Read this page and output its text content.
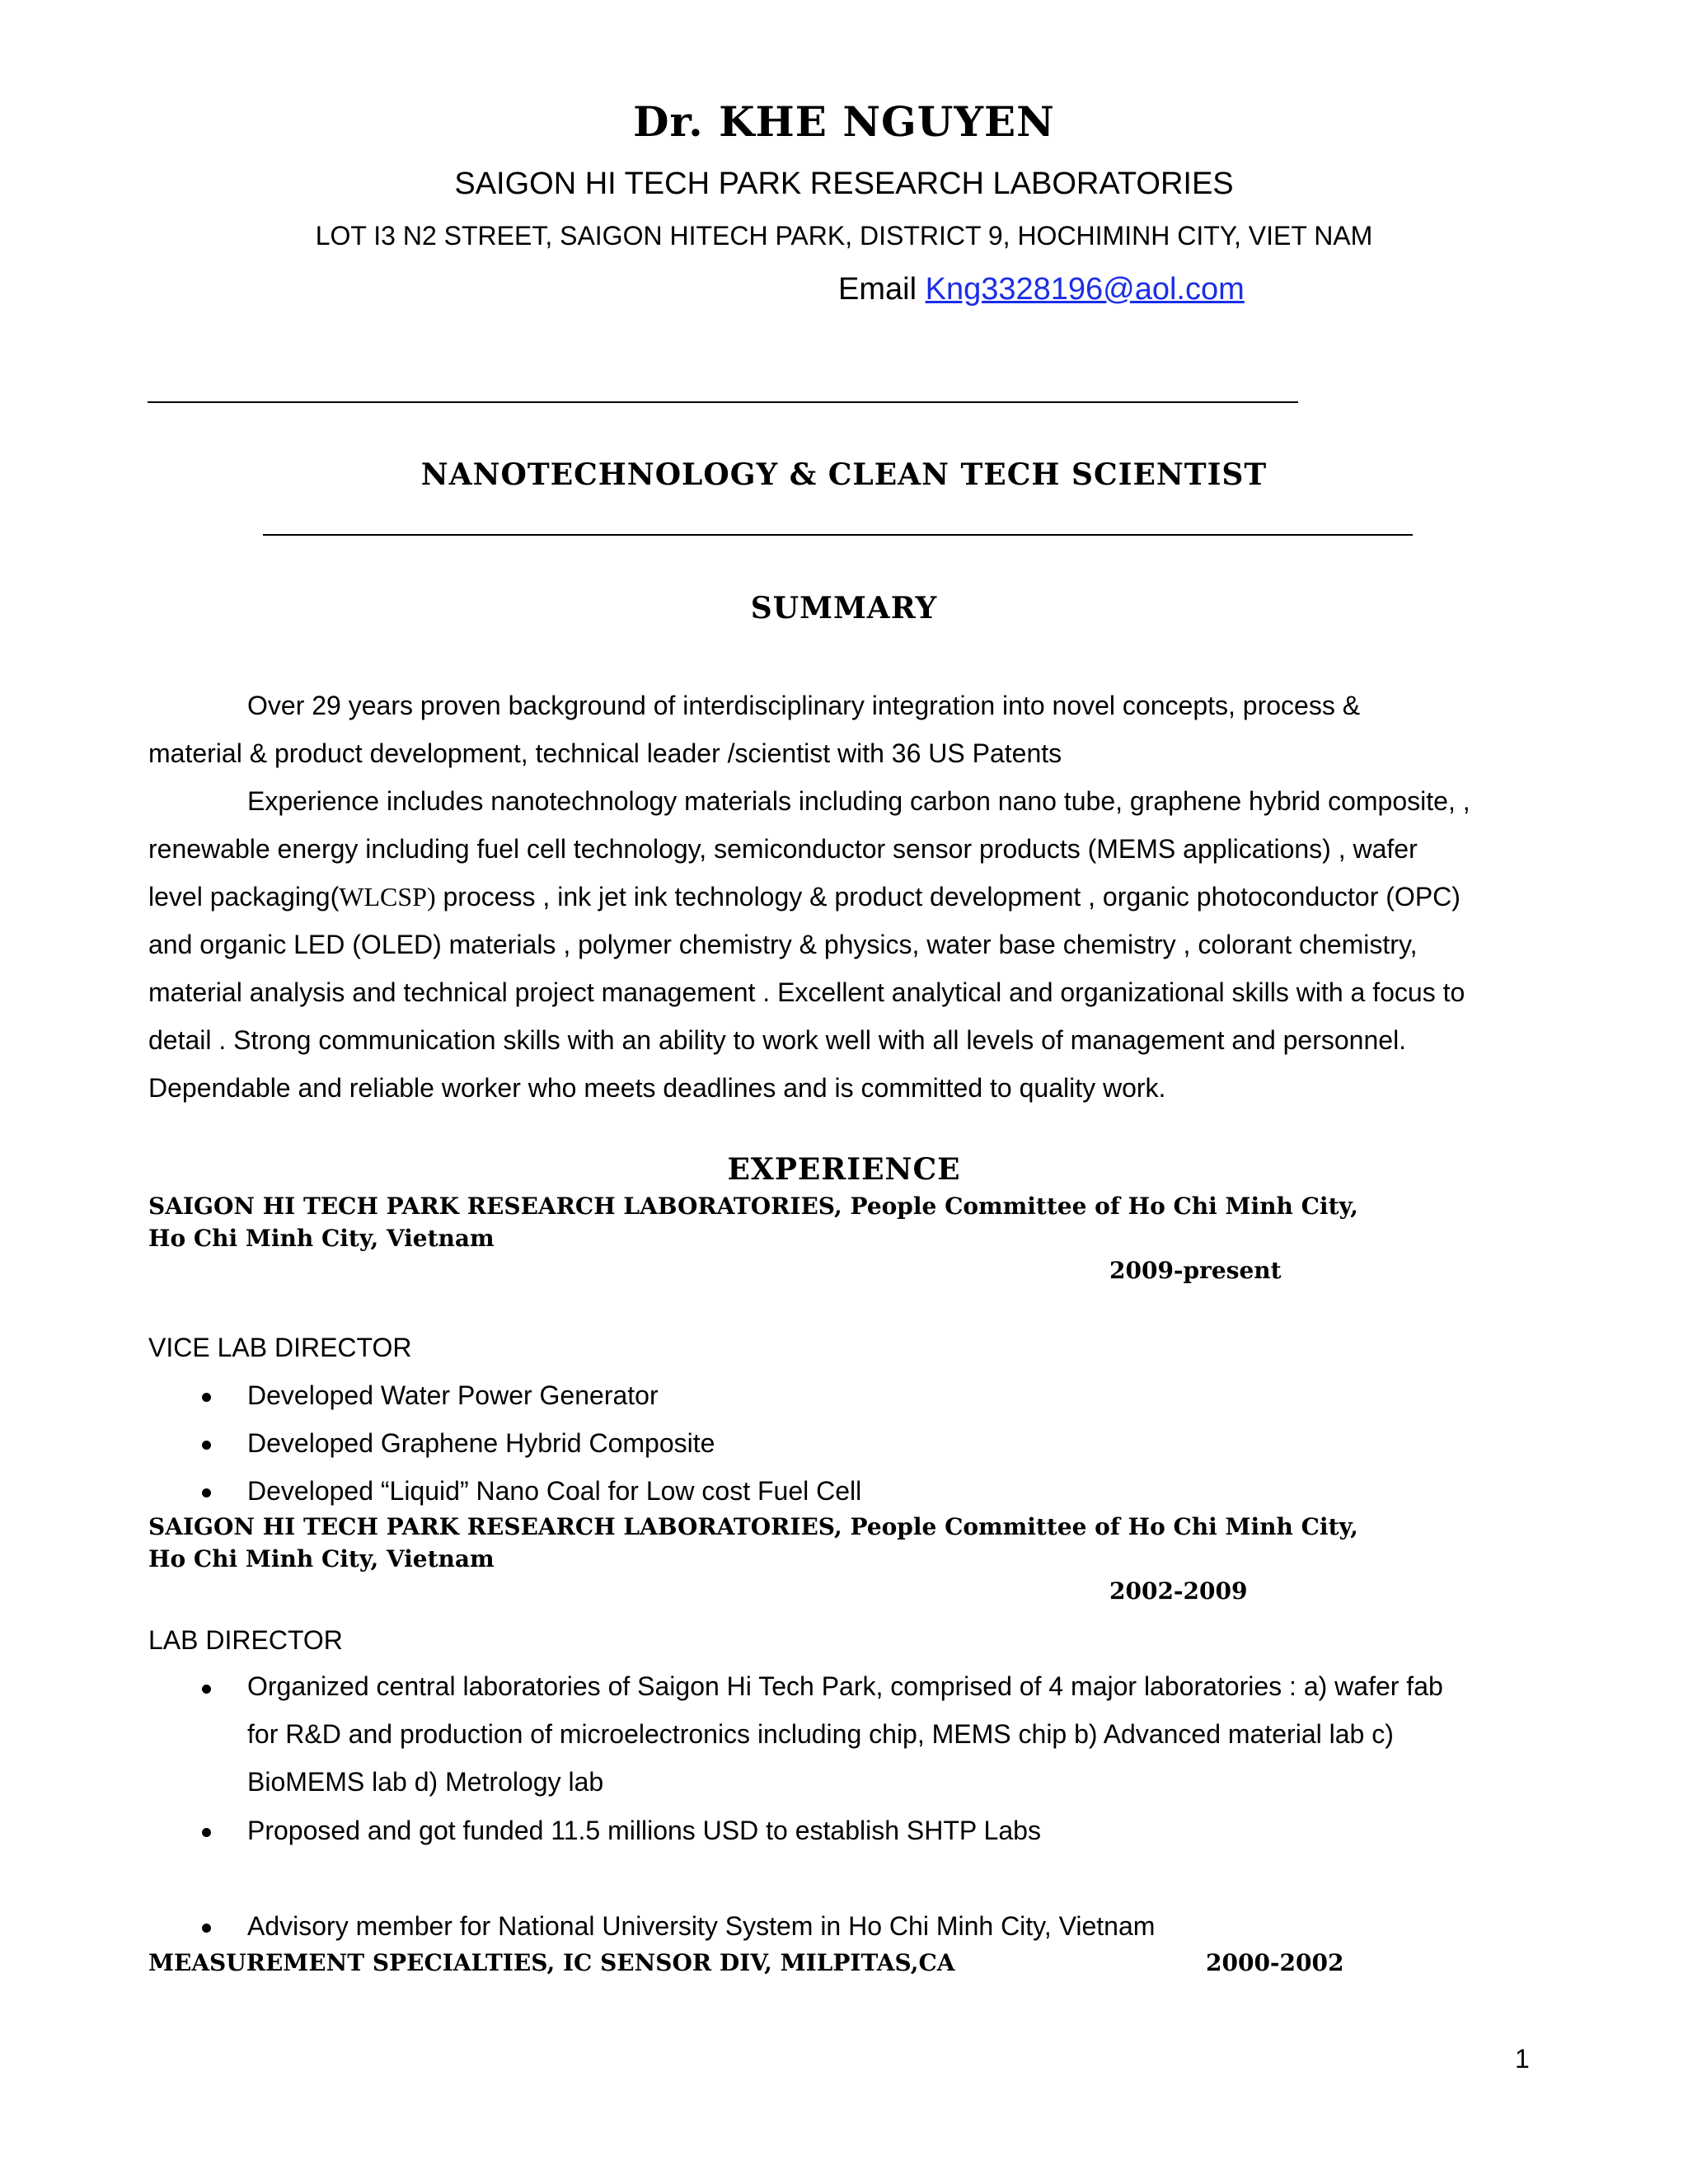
Dr. KHE NGUYEN
SAIGON HI TECH PARK RESEARCH LABORATORIES
LOT I3 N2 STREET, SAIGON HITECH PARK, DISTRICT 9, HOCHIMINH CITY, VIET NAM
Email Kng3328196@aol.com
NANOTECHNOLOGY & CLEAN TECH SCIENTIST
SUMMARY
Over 29 years proven background of interdisciplinary integration into novel concepts, process &
material & product development, technical leader /scientist with 36 US Patents
Experience includes nanotechnology materials including carbon nano tube, graphene hybrid composite, ,
renewable energy including fuel cell technology, semiconductor sensor products (MEMS applications) , wafer
level packaging(WLCSP) process , ink jet ink technology & product development , organic photoconductor (OPC)
and organic LED (OLED) materials , polymer chemistry & physics, water base chemistry , colorant chemistry,
material analysis and technical project management . Excellent analytical and organizational skills with a focus to
detail . Strong communication skills with an ability to work well with all levels of management and personnel.
Dependable and reliable worker who meets deadlines and is committed to quality work.
EXPERIENCE
SAIGON HI TECH PARK RESEARCH LABORATORIES, People Committee of Ho Chi Minh City,
Ho Chi Minh City, Vietnam
2009-present
VICE LAB DIRECTOR
Developed Water Power Generator
Developed Graphene Hybrid Composite
Developed “Liquid” Nano Coal for Low cost Fuel Cell
SAIGON HI TECH PARK RESEARCH LABORATORIES, People Committee of Ho Chi Minh City,
Ho Chi Minh City, Vietnam
2002-2009
LAB DIRECTOR
Organized central laboratories of Saigon Hi Tech Park, comprised of 4 major laboratories : a) wafer fab
for R&D and production of microelectronics including chip, MEMS chip b) Advanced material lab c)
BioMEMS lab d) Metrology lab
Proposed and got funded 11.5 millions USD to establish SHTP Labs
Advisory member for National University System in Ho Chi Minh City, Vietnam
MEASUREMENT SPECIALTIES, IC SENSOR DIV, MILPITAS,CA	2000-2002
1
